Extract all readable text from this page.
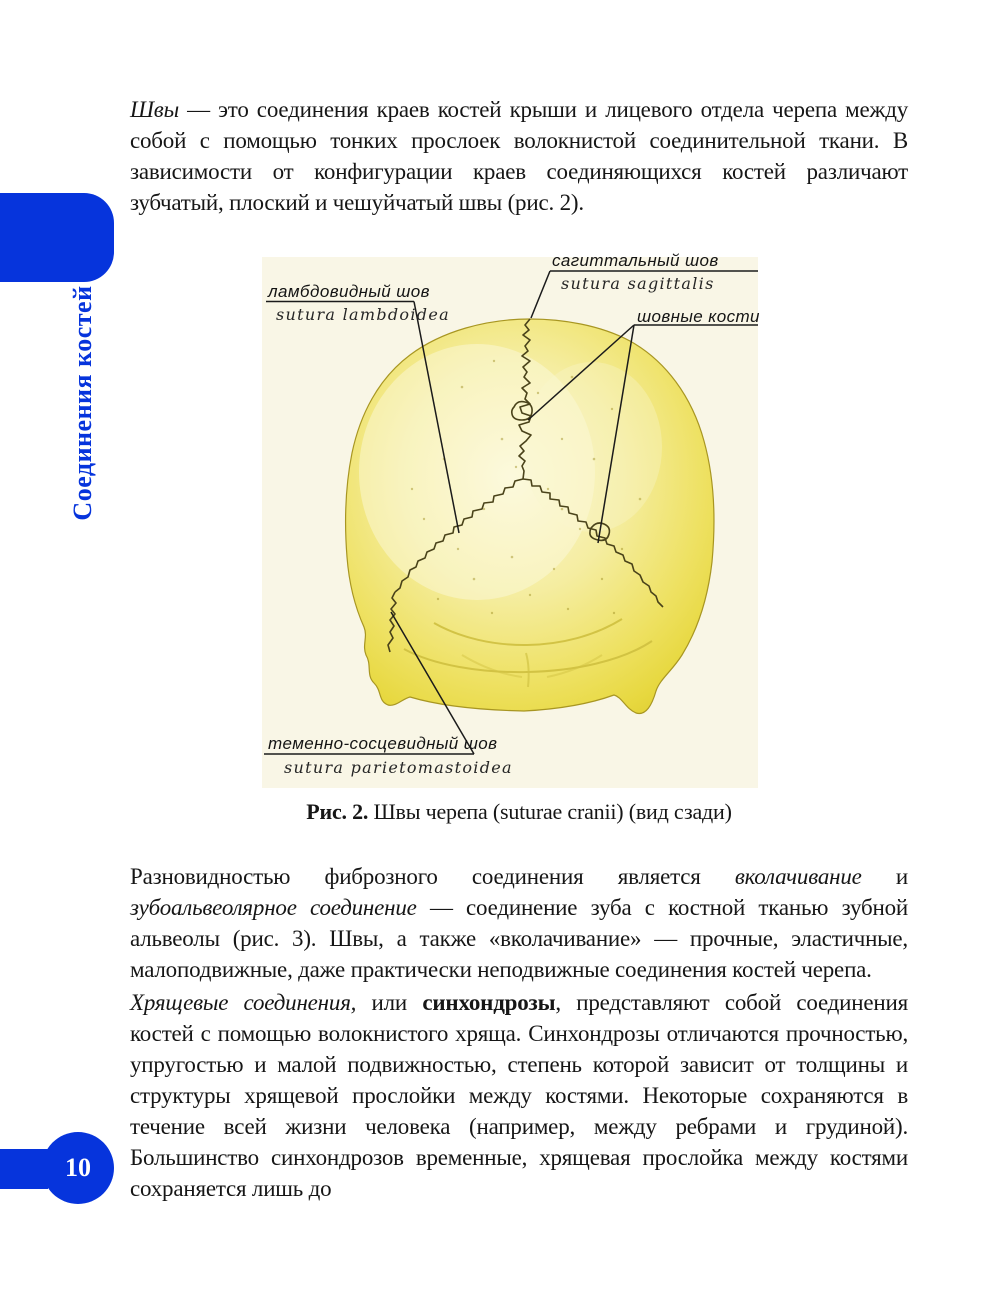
Соединения костей
10

Швы — это соединения краев костей крыши и лицевого отдела черепа между собой с помощью тонких прослоек волокнистой соединительной ткани. В зависимости от конфигурации краев соединяющихся костей различают зубчатый, плоский и чешуйчатый швы (рис. 2).

сагиттальный шов
sutura sagittalis
ламбдовидный шов
sutura lambdoidea	шовные кости
теменно-сосцевидный шов
sutura parietomastoidea

Рис. 2. Швы черепа (suturae cranii) (вид сзади)

Разновидностью фиброзного соединения является вколачивание и зубоальвеолярное соединение — соединение зуба с костной тканью зубной альвеолы (рис. 3). Швы, а также «вколачивание» — прочные, эластичные, малоподвижные, даже практически неподвижные соединения костей черепа.

Хрящевые соединения, или синхондрозы, представляют собой соединения костей с помощью волокнистого хряща. Синхондрозы отличаются прочностью, упругостью и малой подвижностью, степень которой зависит от толщины и структуры хрящевой прослойки между костями. Некоторые сохраняются в течение всей жизни человека (например, между ребрами и грудиной). Большинство синхондрозов временные, хрящевая прослойка между костями сохраняется лишь до
